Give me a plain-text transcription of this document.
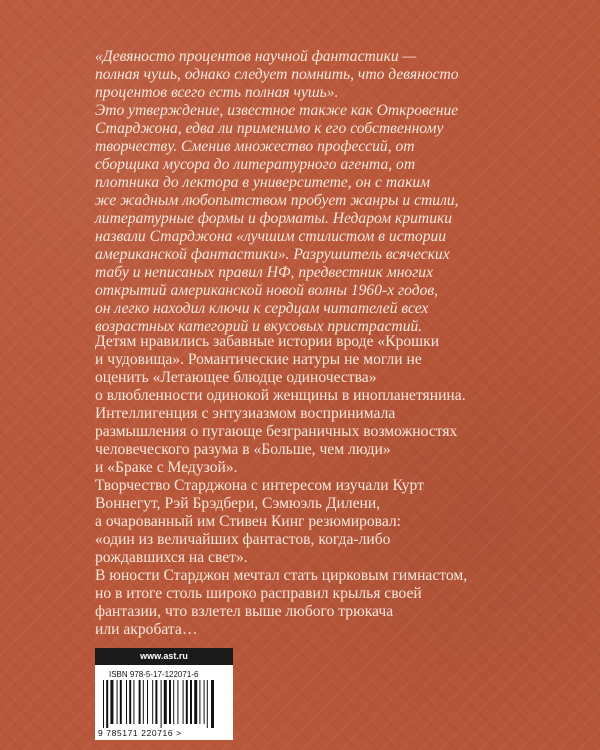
«Девяносто процентов научной фантастики —
полная чушь, однако следует помнить, что девяносто
процентов всего есть полная чушь».
Это утверждение, известное также как Откровение
Старджона, едва ли применимо к его собственному
творчеству. Сменив множество профессий, от
сборщика мусора до литературного агента, от
плотника до лектора в университете, он с таким
же жадным любопытством пробует жанры и стили,
литературные формы и форматы. Недаром критики
назвали Старджона «лучшим стилистом в истории
американской фантастики». Разрушитель всяческих
табу и неписаных правил НФ, предвестник многих
открытий американской новой волны 1960-х годов,
он легко находил ключи к сердцам читателей всех
возрастных категорий и вкусовых пристрастий.
Детям нравились забавные истории вроде «Крошки
и чудовища». Романтические натуры не могли не
оценить «Летающее блюдце одиночества»
о влюбленности одинокой женщины в инопланетянина.
Интеллигенция с энтузиазмом воспринимала
размышления о пугающе безграничных возможностях
человеческого разума в «Больше, чем люди»
и «Браке с Медузой».
Творчество Старджона с интересом изучали Курт
Воннегут, Рэй Брэдбери, Сэмюэль Дилени,
а очарованный им Стивен Кинг резюмировал:
«один из величайших фантастов, когда-либо
рождавшихся на свет».
В юности Старджон мечтал стать цирковым гимнастом,
но в итоге столь широко расправил крылья своей
фантазии, что взлетел выше любого трюкача
или акробата…
www.ast.ru
ISBN 978-5-17-122071-6
9 785171 220716 >
